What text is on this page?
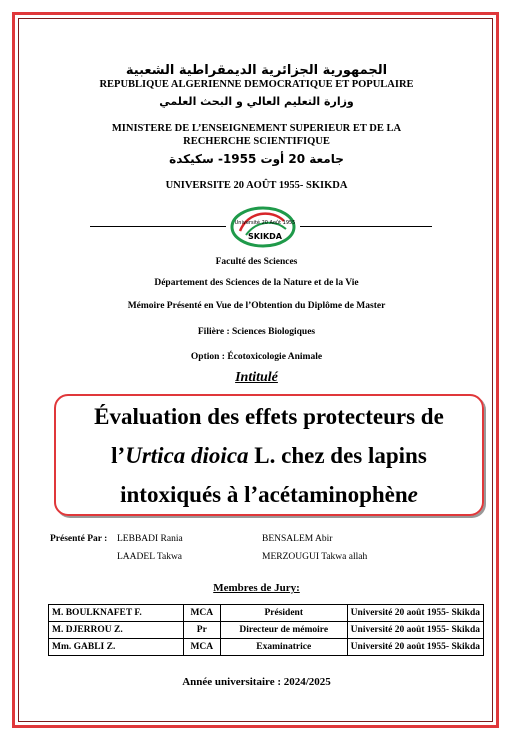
الجمهورية الجزائرية الديمقراطية الشعبية
REPUBLIQUE ALGERIENNE DEMOCRATIQUE ET POPULAIRE
وزارة التعليم العالي و البحث العلمي
MINISTERE DE L’ENSEIGNEMENT SUPERIEUR ET DE LA
RECHERCHE SCIENTIFIQUE
جامعة 20 أوت 1955- سكيكدة
UNIVERSITE 20 AOÛT 1955- SKIKDA
Université 20 Août 1955
SKIKDA
Faculté des Sciences
Département des Sciences de la Nature et de la Vie
Mémoire Présenté en Vue de l’Obtention du Diplôme de Master
Filière : Sciences Biologiques
Option : Écotoxicologie Animale
Intitulé
Évaluation des effets protecteurs de
l’Urtica dioica L. chez des lapins
intoxiqués à l’acétaminophène
Présenté Par : LEBBADI Rania	BENSALEM Abir
LAADEL Takwa	MERZOUGUI Takwa allah
Membres de Jury:
M. BOULKNAFET F.	MCA	Président	Université 20 août 1955- Skikda
M. DJERROU Z.	Pr	Directeur de mémoire	Université 20 août 1955- Skikda
Mm. GABLI Z.	MCA	Examinatrice	Université 20 août 1955- Skikda
Année universitaire : 2024/2025
